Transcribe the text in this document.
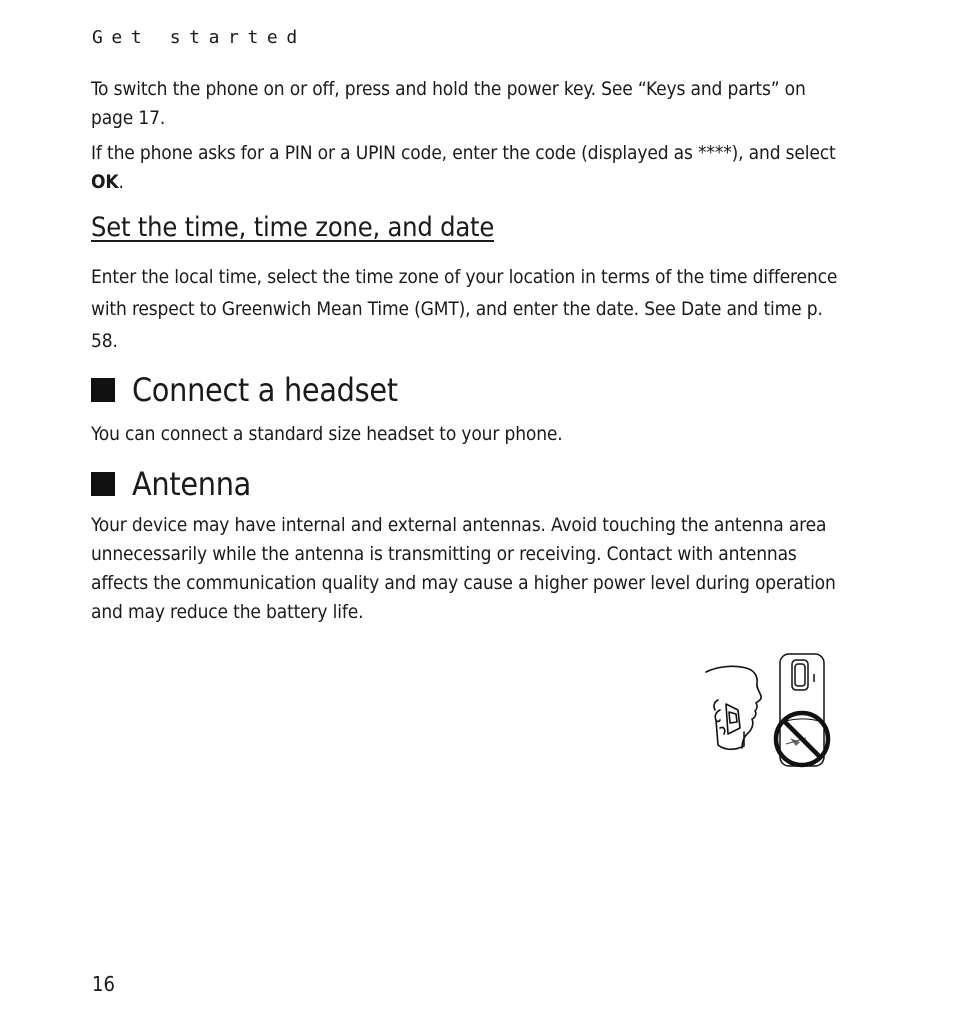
Get started

To switch the phone on or off, press and hold the power key. See “Keys and parts” on page 17.

If the phone asks for a PIN or a UPIN code, enter the code (displayed as ****), and select OK.

Set the time, time zone, and date

Enter the local time, select the time zone of your location in terms of the time difference with respect to Greenwich Mean Time (GMT), and enter the date. See Date and time p. 58.

Connect a headset

You can connect a standard size headset to your phone.

Antenna

Your device may have internal and external antennas. Avoid touching the antenna area unnecessarily while the antenna is transmitting or receiving. Contact with antennas affects the communication quality and may cause a higher power level during operation and may reduce the battery life.

16
